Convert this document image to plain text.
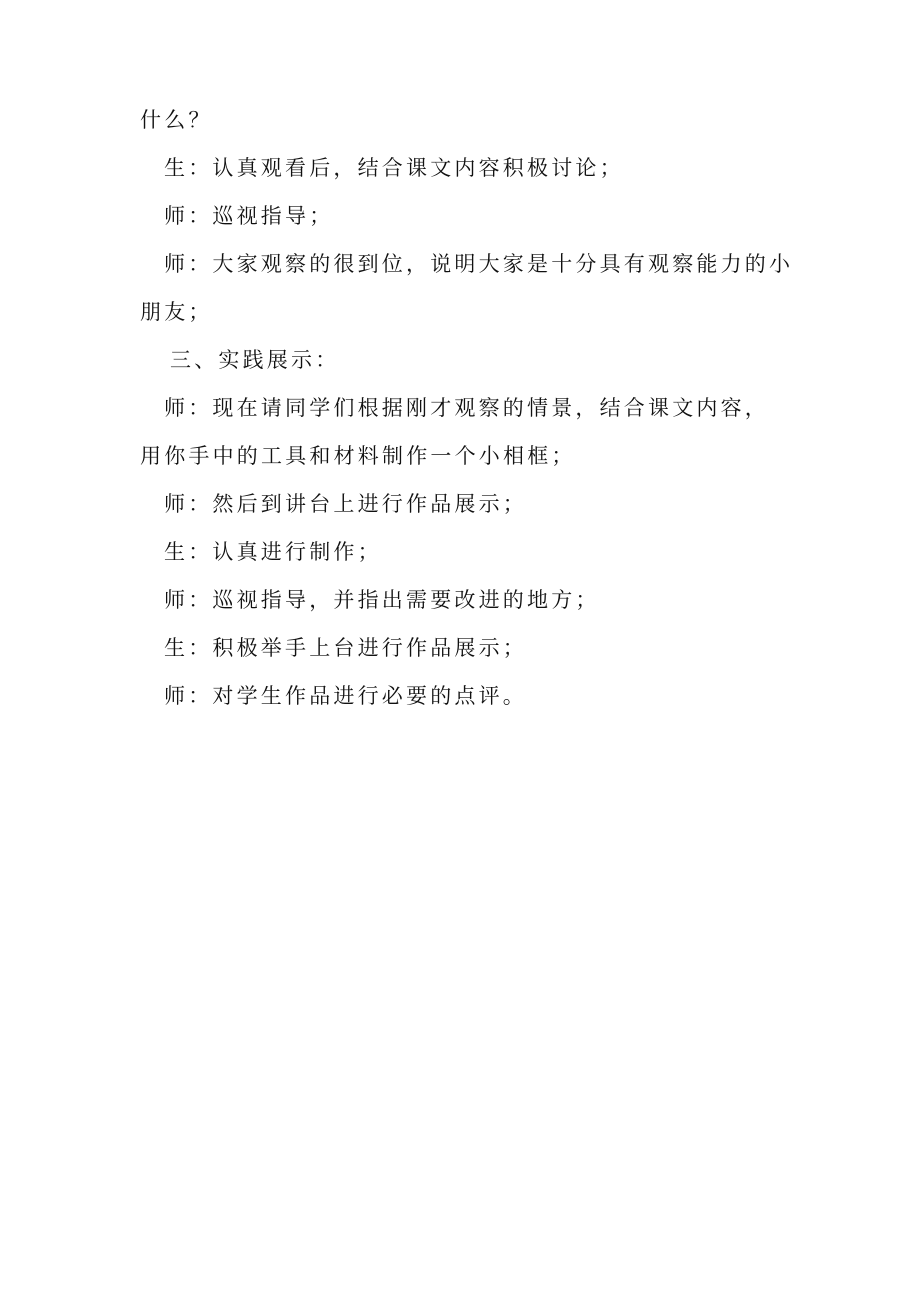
什么？
生：认真观看后，结合课文内容积极讨论；
师：巡视指导；
师：大家观察的很到位，说明大家是十分具有观察能力的小
朋友；
三、实践展示：
师：现在请同学们根据刚才观察的情景，结合课文内容，
用你手中的工具和材料制作一个小相框；
师：然后到讲台上进行作品展示；
生：认真进行制作；
师：巡视指导，并指出需要改进的地方；
生：积极举手上台进行作品展示；
师：对学生作品进行必要的点评。
